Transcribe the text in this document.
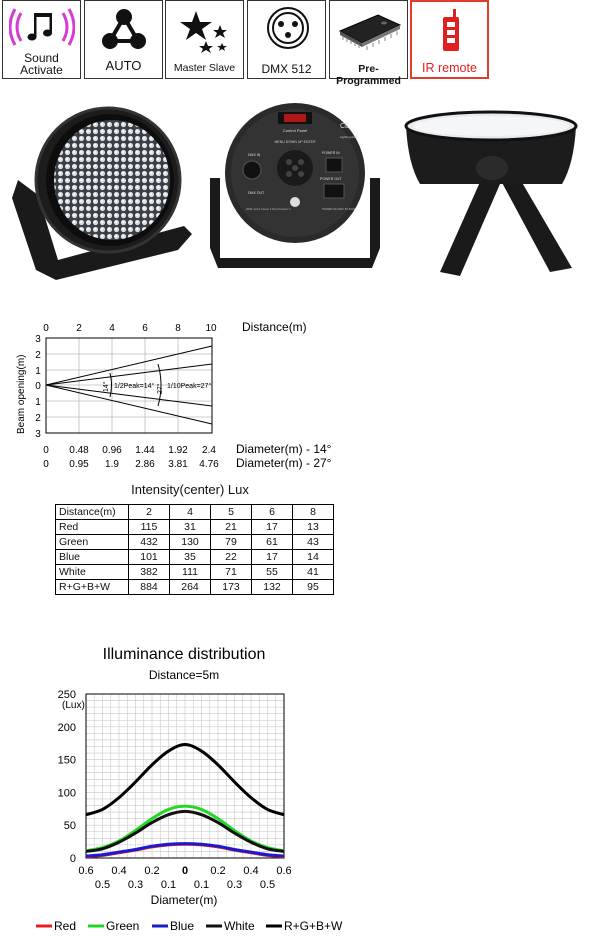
Sound
Activate	AUTO	Master Slave	DMX 512	Pre-Programmed
IR remote
Control Panel
MENU DOWN UP ENTER
CE
Lighting Asia
DMX IN
DMX OUT
2000 mcd 1 Green 1 Red 3 Green 1
POWER IN
POWER OUT
POWER 90-240V 50-60Hz
0	2	4	6	8 10 Distance(m)
3
2
1
0
1
2
3
Beam opening(m)	14°	27°
1/2Peak=14° 1/10Peak=27°
0 0.48 0.96 1.44 1.92 2.4
0 0.95 1.9 2.86 3.81 4.76
Diameter(m) - 14°
Diameter(m) - 27°
Intensity(center) Lux
Distance(m)	2	4	5	6	8
Red	115	31	21	17	13
Green	432	130	79	61	43
Blue	101	35	22	17	14
White	382	111	71	55	41
R+G+B+W	884	264	173	132	95
Illuminance distribution
Distance=5m
(Lux)
0
50
100
150
200
250
0.6 0.4 0.2 0 0.2 0.4 0.6
0.5 0.3 0.1 0.1 0.3 0.5
Diameter(m)
Red Green	Blue White R+G+B+W
